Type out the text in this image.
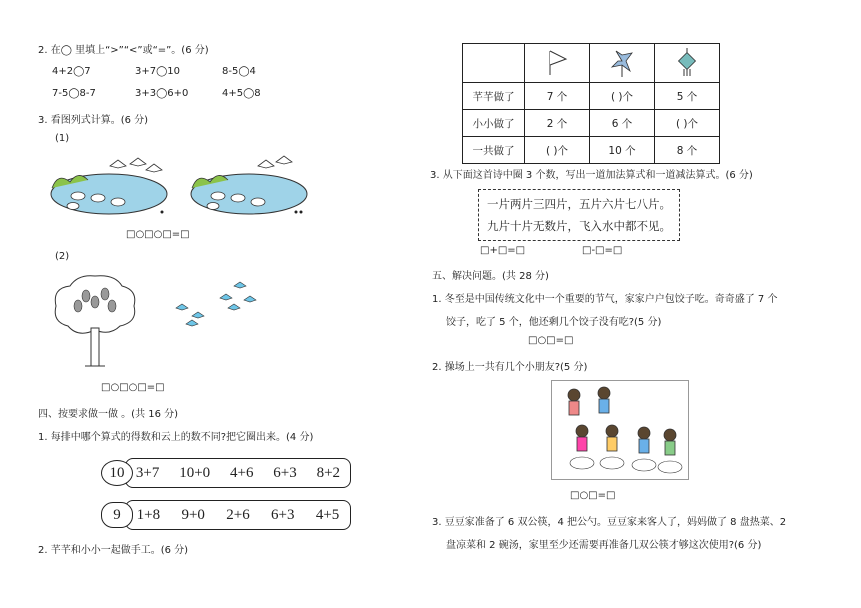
2. 在◯ 里填上“>”“<”或“=”。(6 分)
4+2◯7	3+7◯10	8-5◯4
7-5◯8-7	3+3◯6+0	4+5◯8
3. 看图列式计算。(6 分)
(1)
□○□○□=□
(2)
□○□○□=□
四、按要求做一做 。(共 16 分)
1. 每排中哪个算式的得数和云上的数不同?把它圈出来。(4 分)
3+7 10+0 4+6 6+3 8+2
10
1+8 9+0 2+6 6+3 4+5
9
2. 芊芊和小小一起做手工。(6 分)

芊芊做了	7 个	( )个	5 个
小小做了	2 个	6 个	( )个
一共做了	( )个	10 个	8 个
3. 从下面这首诗中圈 3 个数，写出一道加法算式和一道减法算式。(6 分)
一片两片三四片，五片六片七八片。
九片十片无数片，飞入水中都不见。
□+□=□	□-□=□
五、解决问题。(共 28 分)
1. 冬至是中国传统文化中一个重要的节气，家家户户包饺子吃。奇奇盛了 7 个
饺子，吃了 5 个，他还剩几个饺子没有吃?(5 分)
□○□=□
2. 操场上一共有几个小朋友?(5 分)
□○□=□
3. 豆豆家准备了 6 双公筷，4 把公勺。豆豆家来客人了，妈妈做了 8 盘热菜、2
盘凉菜和 2 碗汤，家里至少还需要再准备几双公筷才够这次使用?(6 分)
